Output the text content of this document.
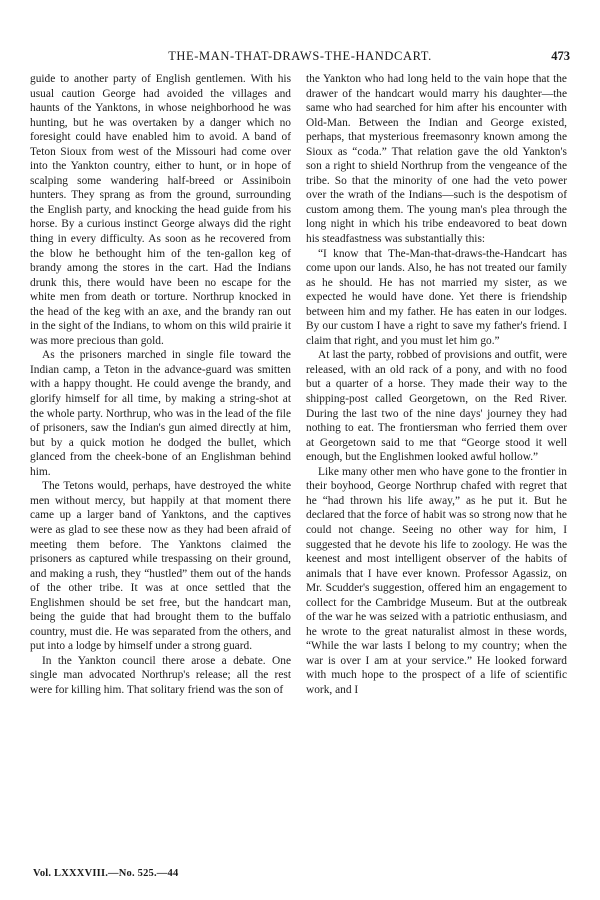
THE-MAN-THAT-DRAWS-THE-HANDCART.	473

guide to another party of English gentlemen. With his usual caution George had avoided the villages and haunts of the Yanktons, in whose neighborhood he was hunting, but he was overtaken by a danger which no foresight could have enabled him to avoid. A band of Teton Sioux from west of the Missouri had come over into the Yankton country, either to hunt, or in hope of scalping some wandering half-breed or Assiniboin hunters. They sprang as from the ground, surrounding the English party, and knocking the head guide from his horse. By a curious instinct George always did the right thing in every difficulty. As soon as he recovered from the blow he bethought him of the ten-gallon keg of brandy among the stores in the cart. Had the Indians drunk this, there would have been no escape for the white men from death or torture. Northrup knocked in the head of the keg with an axe, and the brandy ran out in the sight of the Indians, to whom on this wild prairie it was more precious than gold.

As the prisoners marched in single file toward the Indian camp, a Teton in the advance-guard was smitten with a happy thought. He could avenge the brandy, and glorify himself for all time, by making a string-shot at the whole party. Northrup, who was in the lead of the file of prisoners, saw the Indian's gun aimed directly at him, but by a quick motion he dodged the bullet, which glanced from the cheek-bone of an Englishman behind him.

The Tetons would, perhaps, have destroyed the white men without mercy, but happily at that moment there came up a larger band of Yanktons, and the captives were as glad to see these now as they had been afraid of meeting them before. The Yanktons claimed the prisoners as captured while trespassing on their ground, and making a rush, they “hustled” them out of the hands of the other tribe. It was at once settled that the Englishmen should be set free, but the handcart man, being the guide that had brought them to the buffalo country, must die. He was separated from the others, and put into a lodge by himself under a strong guard.

In the Yankton council there arose a debate. One single man advocated Northrup's release; all the rest were for killing him. That solitary friend was the son of

the Yankton who had long held to the vain hope that the drawer of the handcart would marry his daughter—the same who had searched for him after his encounter with Old-Man. Between the Indian and George existed, perhaps, that mysterious freemasonry known among the Sioux as “coda.” That relation gave the old Yankton's son a right to shield Northrup from the vengeance of the tribe. So that the minority of one had the veto power over the wrath of the Indians—such is the despotism of custom among them. The young man's plea through the long night in which his tribe endeavored to beat down his steadfastness was substantially this:

“I know that The-Man-that-draws-the-Handcart has come upon our lands. Also, he has not treated our family as he should. He has not married my sister, as we expected he would have done. Yet there is friendship between him and my father. He has eaten in our lodges. By our custom I have a right to save my father's friend. I claim that right, and you must let him go.”

At last the party, robbed of provisions and outfit, were released, with an old rack of a pony, and with no food but a quarter of a horse. They made their way to the shipping-post called Georgetown, on the Red River. During the last two of the nine days' journey they had nothing to eat. The frontiersman who ferried them over at Georgetown said to me that “George stood it well enough, but the Englishmen looked awful hollow.”

Like many other men who have gone to the frontier in their boyhood, George Northrup chafed with regret that he “had thrown his life away,” as he put it. But he declared that the force of habit was so strong now that he could not change. Seeing no other way for him, I suggested that he devote his life to zoology. He was the keenest and most intelligent observer of the habits of animals that I have ever known. Professor Agassiz, on Mr. Scudder's suggestion, offered him an engagement to collect for the Cambridge Museum. But at the outbreak of the war he was seized with a patriotic enthusiasm, and he wrote to the great naturalist almost in these words, “While the war lasts I belong to my country; when the war is over I am at your service.” He looked forward with much hope to the prospect of a life of scientific work, and I

Vol. LXXXVIII.—No. 525.—44
